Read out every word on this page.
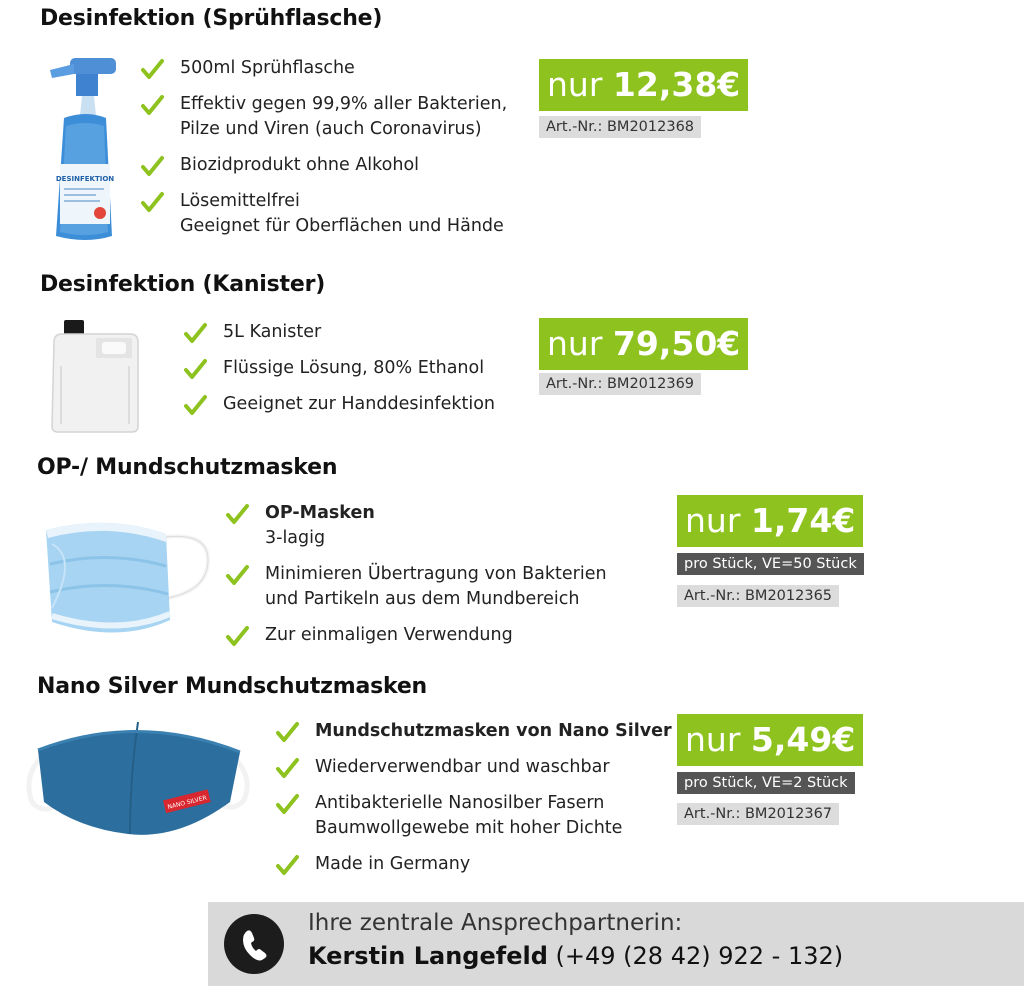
Desinfektion (Sprühflasche)
DESINFEKTION
500ml Sprühflasche
Effektiv gegen 99,9% aller Bakterien,
Pilze und Viren (auch Coronavirus)
Biozidprodukt ohne Alkohol
Lösemittelfrei
Geeignet für Oberflächen und Hände
nur 12,38€
Art.-Nr.: BM2012368
Desinfektion (Kanister)
5L Kanister
Flüssige Lösung, 80% Ethanol
Geeignet zur Handdesinfektion
nur 79,50€
Art.-Nr.: BM2012369
OP-/ Mundschutzmasken
OP-Masken
3-lagig
Minimieren Übertragung von Bakterien
und Partikeln aus dem Mundbereich
Zur einmaligen Verwendung
nur 1,74€
pro Stück, VE=50 Stück
Art.-Nr.: BM2012365
Nano Silver Mundschutzmasken
NANO SILVER
Mundschutzmasken von Nano Silver
Wiederverwendbar und waschbar
Antibakterielle Nanosilber Fasern
Baumwollgewebe mit hoher Dichte
Made in Germany
nur 5,49€
pro Stück, VE=2 Stück
Art.-Nr.: BM2012367
Ihre zentrale Ansprechpartnerin:
Kerstin Langefeld (+49 (28 42) 922 - 132)
